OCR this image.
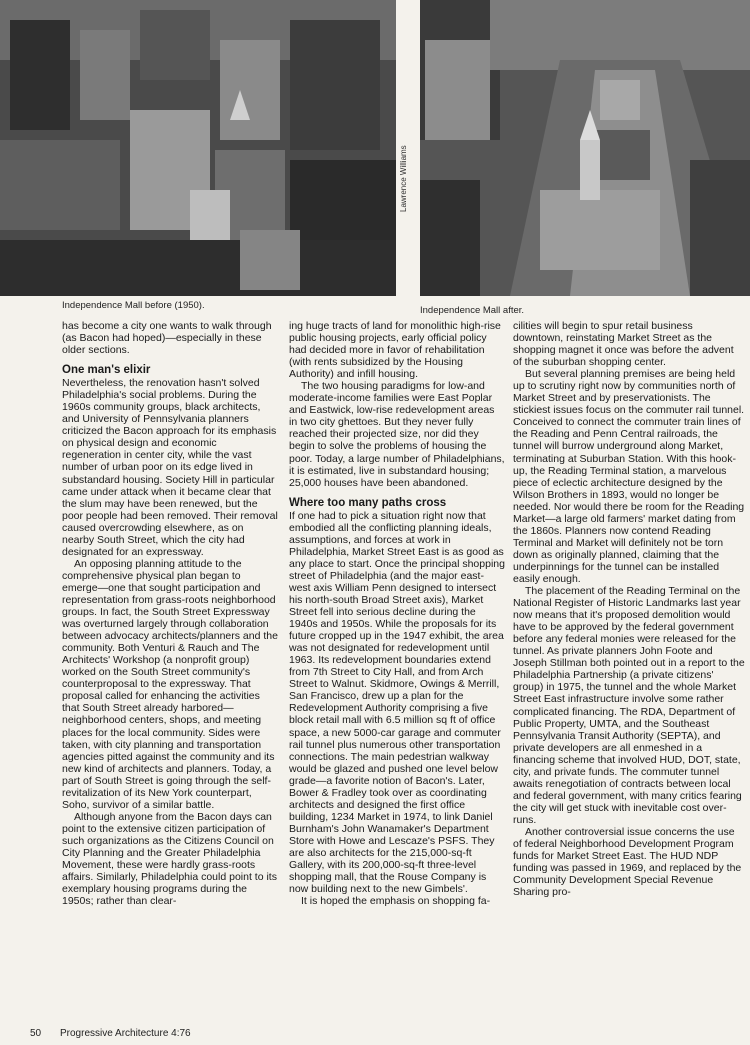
Lawrence Williams
Independence Mall before (1950).	Independence Mall after.

has become a city one wants to walk through (as Bacon had hoped)—especially in these older sections.

One man's elixir

Nevertheless, the renovation hasn't solved Philadelphia's social problems. During the 1960s community groups, black architects, and University of Pennsylvania planners criticized the Bacon approach for its emphasis on physical design and economic regeneration in center city, while the vast number of urban poor on its edge lived in substandard housing. Society Hill in particular came under attack when it became clear that the slum may have been renewed, but the poor people had been removed. Their removal caused overcrowding elsewhere, as on nearby South Street, which the city had designated for an expressway.

An opposing planning attitude to the comprehensive physical plan began to emerge—one that sought participation and representation from grass-roots neighborhood groups. In fact, the South Street Expressway was overturned largely through collaboration between advocacy architects/planners and the community. Both Venturi & Rauch and The Architects' Workshop (a nonprofit group) worked on the South Street community's counterproposal to the expressway. That proposal called for enhancing the activities that South Street already harbored—neighborhood centers, shops, and meeting places for the local community. Sides were taken, with city planning and transportation agencies pitted against the community and its new kind of architects and planners. Today, a part of South Street is going through the self-revitalization of its New York counterpart, Soho, survivor of a similar battle.

Although anyone from the Bacon days can point to the extensive citizen participation of such organizations as the Citizens Council on City Planning and the Greater Philadelphia Movement, these were hardly grass-roots affairs. Similarly, Philadelphia could point to its exemplary housing programs during the 1950s; rather than clear-

ing huge tracts of land for monolithic high-rise public housing projects, early official policy had decided more in favor of rehabilitation (with rents subsidized by the Housing Authority) and infill housing.

The two housing paradigms for low-and moderate-income families were East Poplar and Eastwick, low-rise redevelopment areas in two city ghettoes. But they never fully reached their projected size, nor did they begin to solve the problems of housing the poor. Today, a large number of Philadelphians, it is estimated, live in substandard housing; 25,000 houses have been abandoned.

Where too many paths cross

If one had to pick a situation right now that embodied all the conflicting planning ideals, assumptions, and forces at work in Philadelphia, Market Street East is as good as any place to start. Once the principal shopping street of Philadelphia (and the major east-west axis William Penn designed to intersect his north-south Broad Street axis), Market Street fell into serious decline during the 1940s and 1950s. While the proposals for its future cropped up in the 1947 exhibit, the area was not designated for redevelopment until 1963. Its redevelopment boundaries extend from 7th Street to City Hall, and from Arch Street to Walnut. Skidmore, Owings & Merrill, San Francisco, drew up a plan for the Redevelopment Authority comprising a five block retail mall with 6.5 million sq ft of office space, a new 5000-car garage and commuter rail tunnel plus numerous other transportation connections. The main pedestrian walkway would be glazed and pushed one level below grade—a favorite notion of Bacon's. Later, Bower & Fradley took over as coordinating architects and designed the first office building, 1234 Market in 1974, to link Daniel Burnham's John Wanamaker's Department Store with Howe and Lescaze's PSFS. They are also architects for the 215,000-sq-ft Gallery, with its 200,000-sq-ft three-level shopping mall, that the Rouse Company is now building next to the new Gimbels'.

It is hoped the emphasis on shopping fa-

cilities will begin to spur retail business downtown, reinstating Market Street as the shopping magnet it once was before the advent of the suburban shopping center.

But several planning premises are being held up to scrutiny right now by communities north of Market Street and by preservationists. The stickiest issues focus on the commuter rail tunnel. Conceived to connect the commuter train lines of the Reading and Penn Central railroads, the tunnel will burrow underground along Market, terminating at Suburban Station. With this hook-up, the Reading Terminal station, a marvelous piece of eclectic architecture designed by the Wilson Brothers in 1893, would no longer be needed. Nor would there be room for the Reading Market—a large old farmers' market dating from the 1860s. Planners now contend Reading Terminal and Market will definitely not be torn down as originally planned, claiming that the underpinnings for the tunnel can be installed easily enough.

The placement of the Reading Terminal on the National Register of Historic Landmarks last year now means that it's proposed demolition would have to be approved by the federal government before any federal monies were released for the tunnel. As private planners John Foote and Joseph Stillman both pointed out in a report to the Philadelphia Partnership (a private citizens' group) in 1975, the tunnel and the whole Market Street East infrastructure involve some rather complicated financing. The RDA, Department of Public Property, UMTA, and the Southeast Pennsylvania Transit Authority (SEPTA), and private developers are all enmeshed in a financing scheme that involved HUD, DOT, state, city, and private funds. The commuter tunnel awaits renegotiation of contracts between local and federal government, with many critics fearing the city will get stuck with inevitable cost over-runs.

Another controversial issue concerns the use of federal Neighborhood Development Program funds for Market Street East. The HUD NDP funding was passed in 1969, and replaced by the Community Development Special Revenue Sharing pro-

50 Progressive Architecture 4:76
